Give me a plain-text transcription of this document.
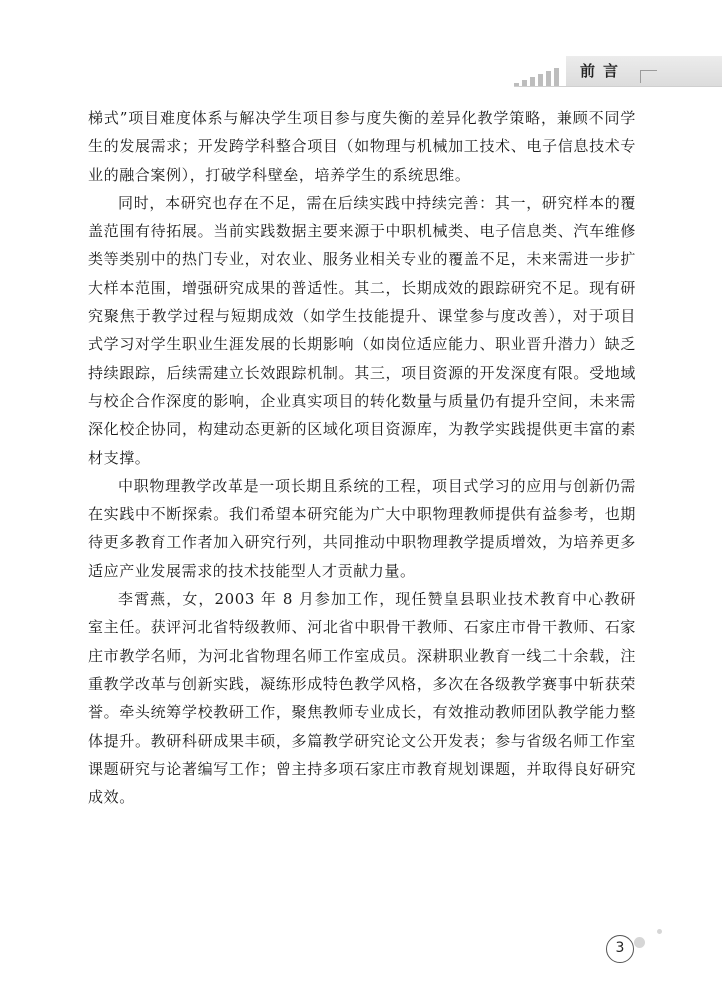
前言

梯式”项目难度体系与解决学生项目参与度失衡的差异化教学策略，兼顾不同学生的发展需求；开发跨学科整合项目（如物理与机械加工技术、电子信息技术专业的融合案例），打破学科壁垒，培养学生的系统思维。

同时，本研究也存在不足，需在后续实践中持续完善：其一，研究样本的覆盖范围有待拓展。当前实践数据主要来源于中职机械类、电子信息类、汽车维修类等类别中的热门专业，对农业、服务业相关专业的覆盖不足，未来需进一步扩大样本范围，增强研究成果的普适性。其二，长期成效的跟踪研究不足。现有研究聚焦于教学过程与短期成效（如学生技能提升、课堂参与度改善），对于项目式学习对学生职业生涯发展的长期影响（如岗位适应能力、职业晋升潜力）缺乏持续跟踪，后续需建立长效跟踪机制。其三，项目资源的开发深度有限。受地域与校企合作深度的影响，企业真实项目的转化数量与质量仍有提升空间，未来需深化校企协同，构建动态更新的区域化项目资源库，为教学实践提供更丰富的素材支撑。

中职物理教学改革是一项长期且系统的工程，项目式学习的应用与创新仍需在实践中不断探索。我们希望本研究能为广大中职物理教师提供有益参考，也期待更多教育工作者加入研究行列，共同推动中职物理教学提质增效，为培养更多适应产业发展需求的技术技能型人才贡献力量。

李霄燕，女，2003 年 8 月参加工作，现任赞皇县职业技术教育中心教研室主任。获评河北省特级教师、河北省中职骨干教师、石家庄市骨干教师、石家庄市教学名师，为河北省物理名师工作室成员。深耕职业教育一线二十余载，注重教学改革与创新实践，凝练形成特色教学风格，多次在各级教学赛事中斩获荣誉。牵头统筹学校教研工作，聚焦教师专业成长，有效推动教师团队教学能力整体提升。教研科研成果丰硕，多篇教学研究论文公开发表；参与省级名师工作室课题研究与论著编写工作；曾主持多项石家庄市教育规划课题，并取得良好研究成效。

3
